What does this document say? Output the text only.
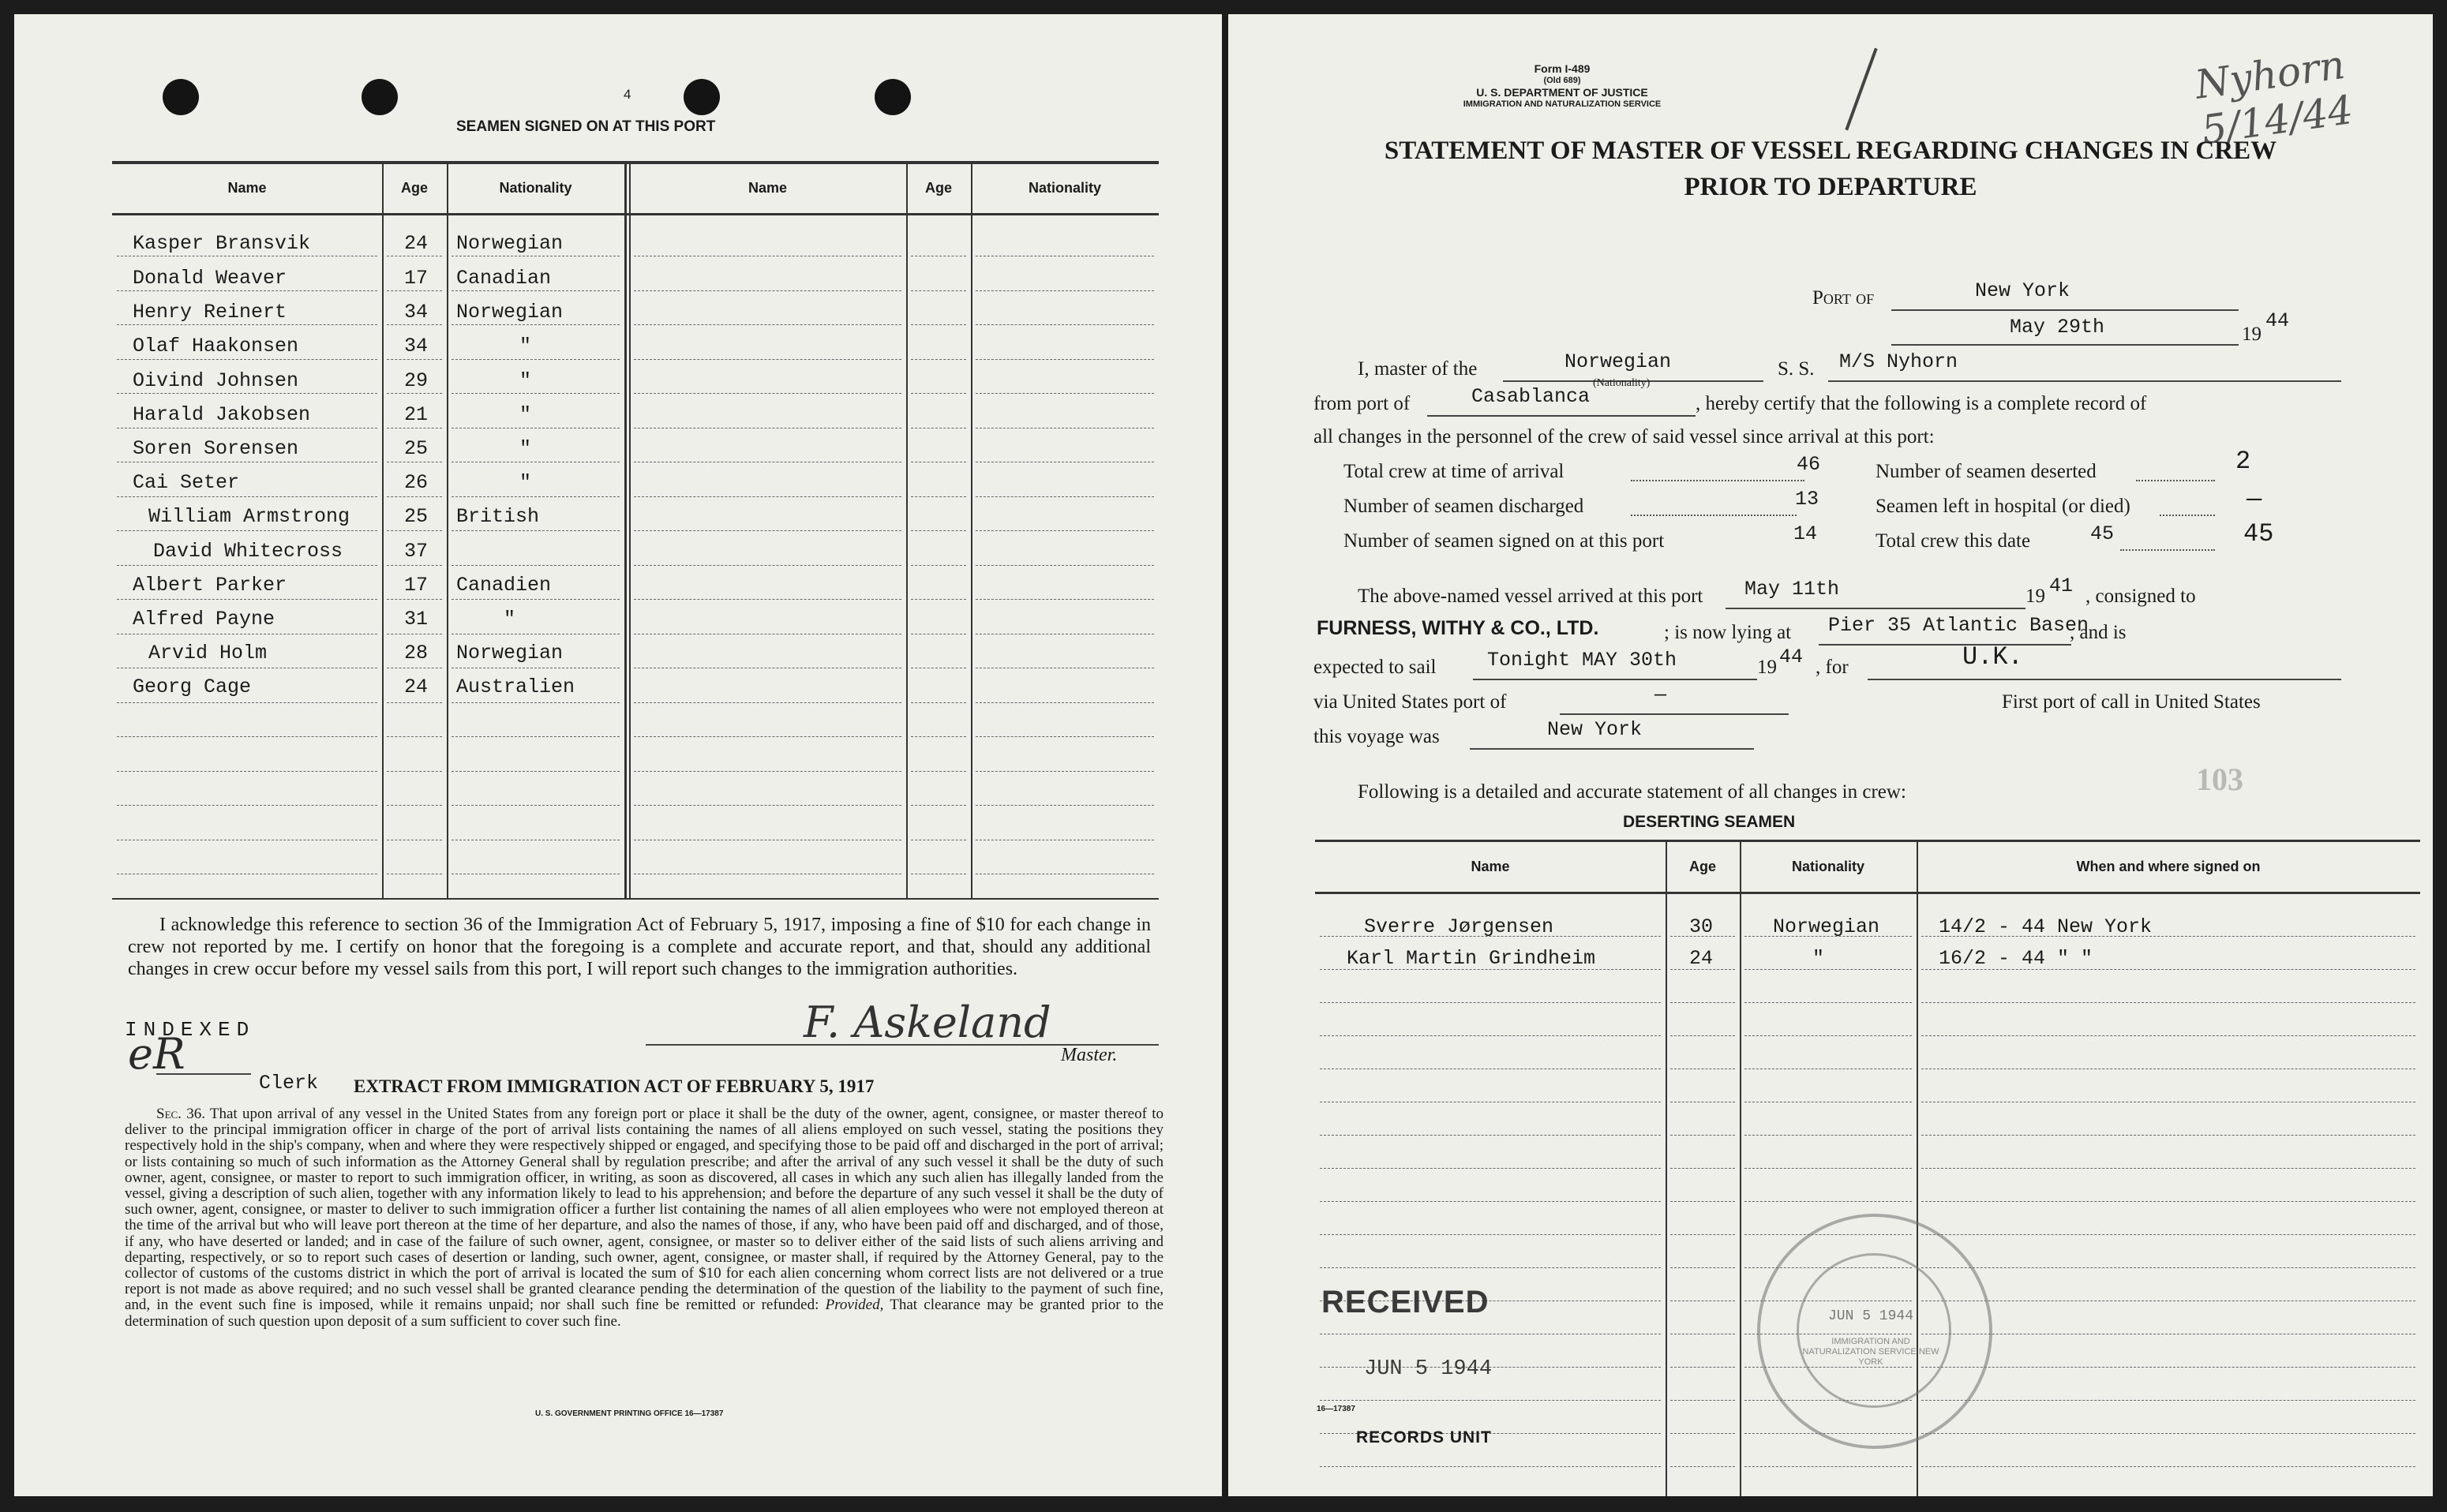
4
SEAMEN SIGNED ON AT THIS PORT
Name	Age	Nationality	Name	Age	Nationality
Kasper Bransvik	24 Norwegian
Donald Weaver	17 Canadian
Henry Reinert	34 Norwegian
Olaf Haakonsen	34	"
Oivind Johnsen	29	"
Harald Jakobsen	21	"
Soren Sorensen	25	"
Cai Seter	26	"
William Armstrong	25 British
David Whitecross	37
Albert Parker	17 Canadien
Alfred Payne	31	"
Arvid Holm	28 Norwegian
Georg Cage	24 Australien
I acknowledge this reference to section 36 of the Immigration Act of February 5, 1917, imposing a fine of $10 for each change in crew not reported by me. I certify on honor that the foregoing is a complete and accurate report, and that, should any additional changes in crew occur before my vessel sails from this port, I will report such changes to the immigration authorities.
INDEXED
eR
Clerk
F. Askeland
Master.
EXTRACT FROM IMMIGRATION ACT OF FEBRUARY 5, 1917
Sec. 36. That upon arrival of any vessel in the United States from any foreign port or place it shall be the duty of the owner, agent, consignee, or master thereof to deliver to the principal immigration officer in charge of the port of arrival lists containing the names of all aliens employed on such vessel, stating the positions they respectively hold in the ship's company, when and where they were respectively shipped or engaged, and specifying those to be paid off and discharged in the port of arrival; or lists containing so much of such information as the Attorney General shall by regulation prescribe; and after the arrival of any such vessel it shall be the duty of such owner, agent, consignee, or master to report to such immigration officer, in writing, as soon as discovered, all cases in which any such alien has illegally landed from the vessel, giving a description of such alien, together with any information likely to lead to his apprehension; and before the departure of any such vessel it shall be the duty of such owner, agent, consignee, or master to deliver to such immigration officer a further list containing the names of all alien employees who were not employed thereon at the time of the arrival but who will leave port thereon at the time of her departure, and also the names of those, if any, who have been paid off and discharged, and of those, if any, who have deserted or landed; and in case of the failure of such owner, agent, consignee, or master so to deliver either of the said lists of such aliens arriving and departing, respectively, or so to report such cases of desertion or landing, such owner, agent, consignee, or master shall, if required by the Attorney General, pay to the collector of customs of the customs district in which the port of arrival is located the sum of $10 for each alien concerning whom correct lists are not delivered or a true report is not made as above required; and no such vessel shall be granted clearance pending the determination of the question of the liability to the payment of such fine, and, in the event such fine is imposed, while it remains unpaid; nor shall such fine be remitted or refunded: Provided, That clearance may be granted prior to the determination of such question upon deposit of a sum sufficient to cover such fine.
U. S. GOVERNMENT PRINTING OFFICE 16—17387
Form I-489
(Old 689)
U. S. DEPARTMENT OF JUSTICE
IMMIGRATION AND NATURALIZATION SERVICE	Nyhorn 5/14/44
STATEMENT OF MASTER OF VESSEL REGARDING CHANGES IN CREW
PRIOR TO DEPARTURE
Port of	New York
May 29th	19
44
I, master of the	Norwegian
(Nationality)
S. S. M/S Nyhorn
from port of	Casablanca	, hereby certify that the following is a complete record of
all changes in the personnel of the crew of said vessel since arrival at this port:
Total crew at time of arrival	46	Number of seamen deserted	2
Number of seamen discharged	13	Seamen left in hospital (or died)	—
Number of seamen signed on at this port	14	Total crew this date	45	45
The above-named vessel arrived at this port May 11th	19 41 , consigned to
FURNESS, WITHY & CO., LTD.	; is now lying at Pier 35 Atlantic Basen
, and is
expected to sail	Tonight MAY 30th	19 44 , for	U.K.
via United States port of	—	First port of call in United States
this voyage was	New York
103
Following is a detailed and accurate statement of all changes in crew:
DESERTING SEAMEN
Name	Age	Nationality	When and where signed on
Sverre Jørgensen	30	Norwegian	14/2 - 44 New York
Karl Martin Grindheim	24	"	16/2 - 44 " "
RECEIVED
JUN 5 1944
JUN 5 1944
IMMIGRATION AND NATURALIZATION SERVICE NEW YORK
16—17387
RECORDS UNIT
